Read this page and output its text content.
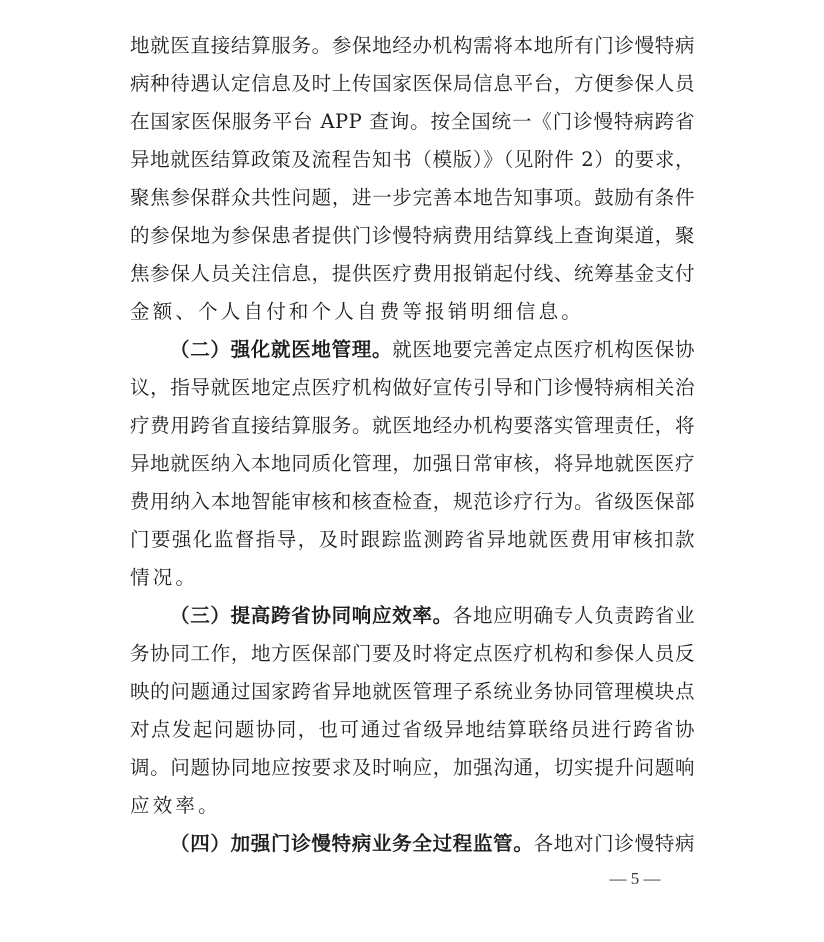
地就医直接结算服务。参保地经办机构需将本地所有门诊慢特病
病种待遇认定信息及时上传国家医保局信息平台，方便参保人员
在国家医保服务平台 APP 查询。按全国统一《门诊慢特病跨省
异地就医结算政策及流程告知书（模版）》（见附件 2）的要求，
聚焦参保群众共性问题，进一步完善本地告知事项。鼓励有条件
的参保地为参保患者提供门诊慢特病费用结算线上查询渠道，聚
焦参保人员关注信息，提供医疗费用报销起付线、统筹基金支付
金额、个人自付和个人自费等报销明细信息。
（二）强化就医地管理。就医地要完善定点医疗机构医保协
议，指导就医地定点医疗机构做好宣传引导和门诊慢特病相关治
疗费用跨省直接结算服务。就医地经办机构要落实管理责任，将
异地就医纳入本地同质化管理，加强日常审核，将异地就医医疗
费用纳入本地智能审核和核查检查，规范诊疗行为。省级医保部
门要强化监督指导，及时跟踪监测跨省异地就医费用审核扣款
情况。
（三）提高跨省协同响应效率。各地应明确专人负责跨省业
务协同工作，地方医保部门要及时将定点医疗机构和参保人员反
映的问题通过国家跨省异地就医管理子系统业务协同管理模块点
对点发起问题协同，也可通过省级异地结算联络员进行跨省协
调。问题协同地应按要求及时响应，加强沟通，切实提升问题响
应效率。
（四）加强门诊慢特病业务全过程监管。各地对门诊慢特病
— 5 —
